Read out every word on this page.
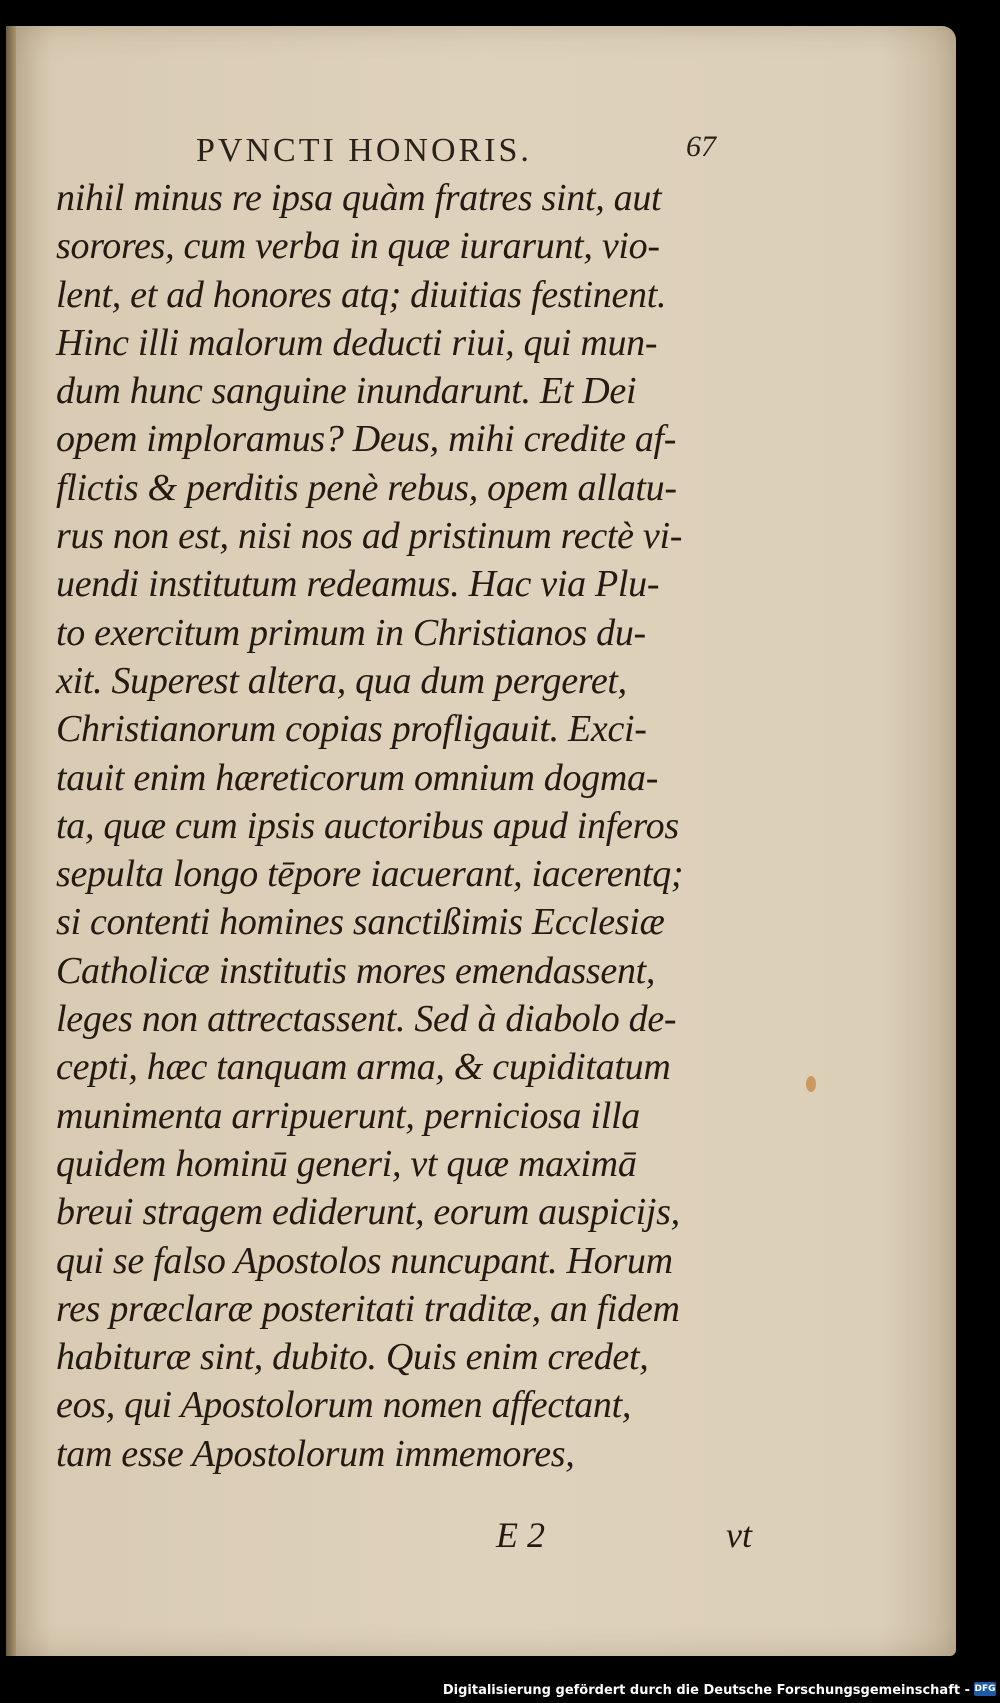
PVNCTI HONORIS.	67
nihil minus re ipsa quàm fratres sint, aut
sorores, cum verba in quæ iurarunt, vio-
lent, et ad honores atq; diuitias festinent.
Hinc illi malorum deducti riui, qui mun-
dum hunc sanguine inundarunt. Et Dei
opem imploramus? Deus, mihi credite af-
flictis & perditis penè rebus, opem allatu-
rus non est, nisi nos ad pristinum rectè vi-
uendi institutum redeamus. Hac via Plu-
to exercitum primum in Christianos du-
xit. Superest altera, qua dum pergeret,
Christianorum copias profligauit. Exci-
tauit enim hæreticorum omnium dogma-
ta, quæ cum ipsis auctoribus apud inferos
sepulta longo tēpore iacuerant, iacerentq;
si contenti homines sanctißimis Ecclesiæ
Catholicæ institutis mores emendassent,
leges non attrectassent. Sed à diabolo de-
cepti, hæc tanquam arma, & cupiditatum
munimenta arripuerunt, perniciosa illa
quidem hominū generi, vt quæ maximā
breui stragem ediderunt, eorum auspicijs,
qui se falso Apostolos nuncupant. Horum
res præclaræ posteritati traditæ, an fidem
habituræ sint, dubito. Quis enim credet,
eos, qui Apostolorum nomen affectant,
tam esse Apostolorum immemores,
E 2	vt
Digitalisierung gefördert durch die Deutsche Forschungsgemeinschaft - DFG
